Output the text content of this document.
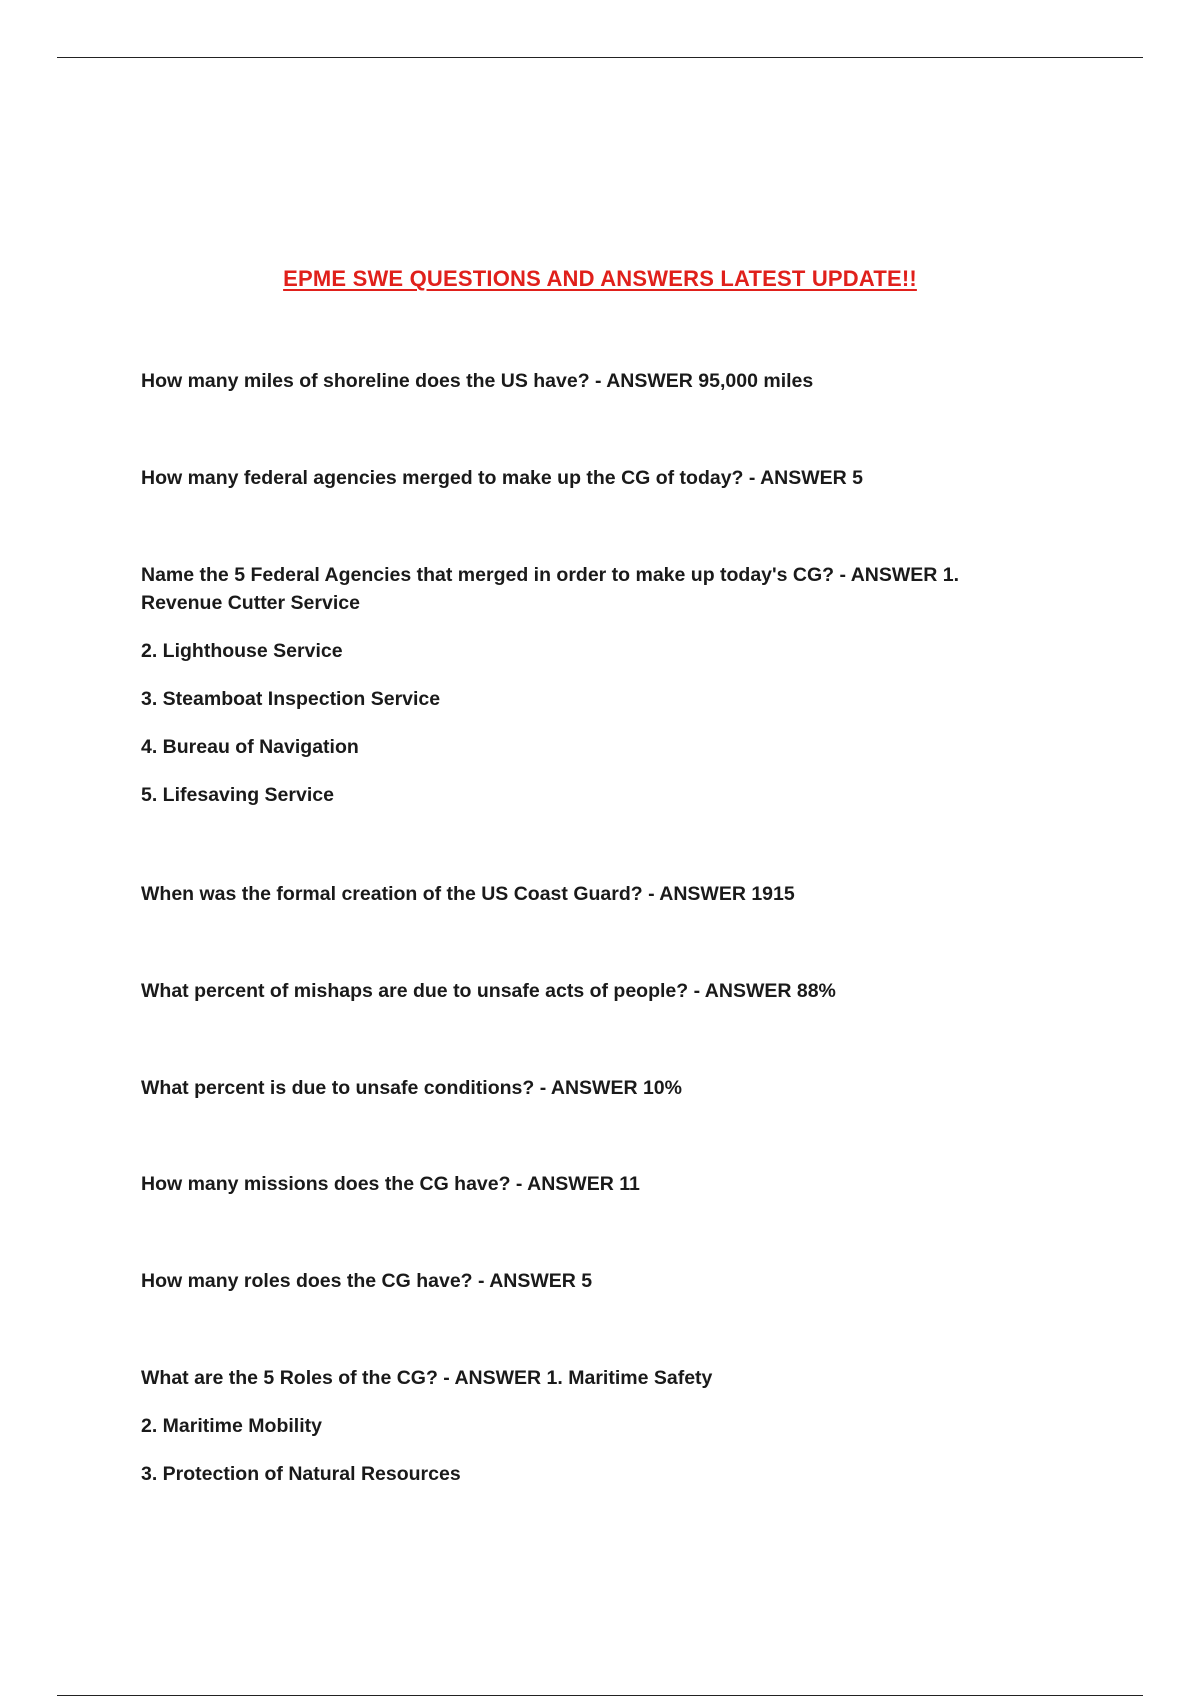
EPME SWE QUESTIONS AND ANSWERS LATEST UPDATE!!
How many miles of shoreline does the US have? - ANSWER 95,000 miles
How many federal agencies merged to make up the CG of today? - ANSWER 5
Name the 5 Federal Agencies that merged in order to make up today's CG? - ANSWER 1.
Revenue Cutter Service
2. Lighthouse Service
3. Steamboat Inspection Service
4. Bureau of Navigation
5. Lifesaving Service
When was the formal creation of the US Coast Guard? - ANSWER 1915
What percent of mishaps are due to unsafe acts of people? - ANSWER 88%
What percent is due to unsafe conditions? - ANSWER 10%
How many missions does the CG have? - ANSWER 11
How many roles does the CG have? - ANSWER 5
What are the 5 Roles of the CG? - ANSWER 1. Maritime Safety
2. Maritime Mobility
3. Protection of Natural Resources
